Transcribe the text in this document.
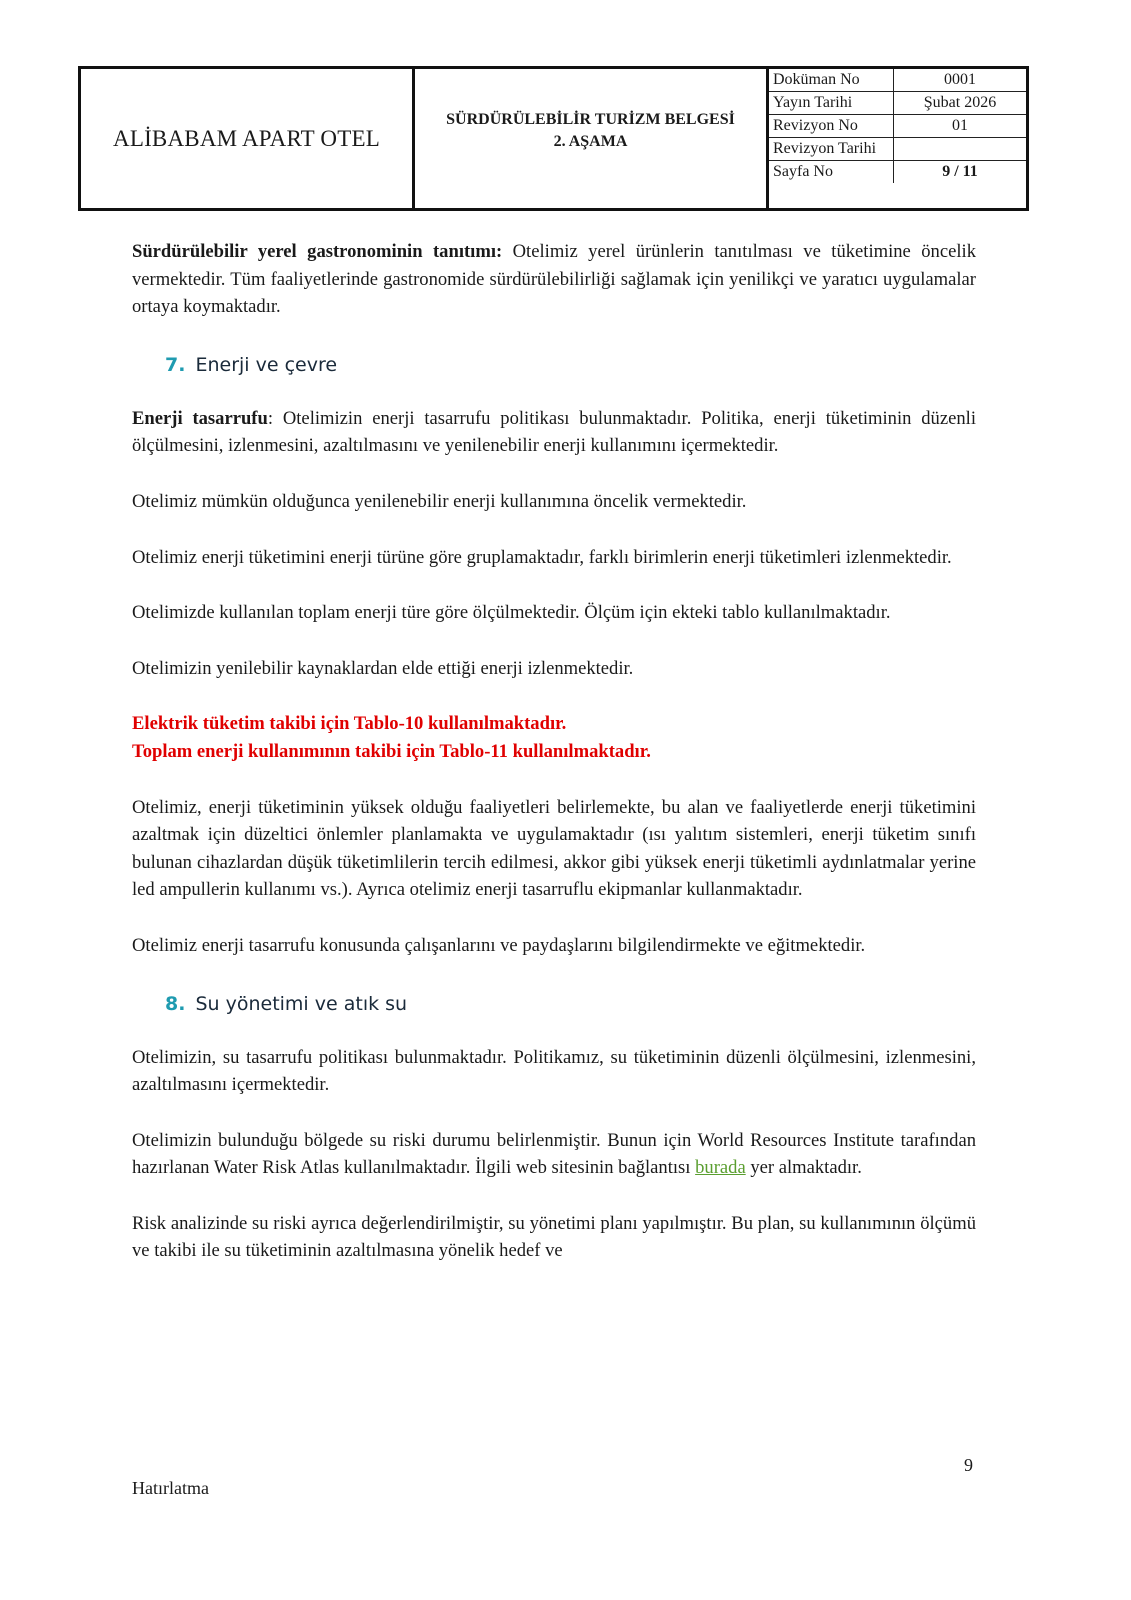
ALİBABAM APART OTEL
SÜRDÜRÜLEBİLİR TURİZM BELGESİ
2. AŞAMA
Doküman No	0001
Yayın Tarihi	Şubat 2026
Revizyon No	01
Revizyon Tarihi
Sayfa No	9 / 11

Sürdürülebilir yerel gastronominin tanıtımı: Otelimiz yerel ürünlerin tanıtılması ve tüketimine öncelik vermektedir. Tüm faaliyetlerinde gastronomide sürdürülebilirliği sağlamak için yenilikçi ve yaratıcı uygulamalar ortaya koymaktadır.

7. Enerji ve çevre

Enerji tasarrufu: Otelimizin enerji tasarrufu politikası bulunmaktadır. Politika, enerji tüketiminin düzenli ölçülmesini, izlenmesini, azaltılmasını ve yenilenebilir enerji kullanımını içermektedir.

Otelimiz mümkün olduğunca yenilenebilir enerji kullanımına öncelik vermektedir.

Otelimiz enerji tüketimini enerji türüne göre gruplamaktadır, farklı birimlerin enerji tüketimleri izlenmektedir.

Otelimizde kullanılan toplam enerji türe göre ölçülmektedir. Ölçüm için ekteki tablo kullanılmaktadır.

Otelimizin yenilebilir kaynaklardan elde ettiği enerji izlenmektedir.

Elektrik tüketim takibi için Tablo-10 kullanılmaktadır.

Toplam enerji kullanımının takibi için Tablo-11 kullanılmaktadır.

Otelimiz, enerji tüketiminin yüksek olduğu faaliyetleri belirlemekte, bu alan ve faaliyetlerde enerji tüketimini azaltmak için düzeltici önlemler planlamakta ve uygulamaktadır (ısı yalıtım sistemleri, enerji tüketim sınıfı bulunan cihazlardan düşük tüketimlilerin tercih edilmesi, akkor gibi yüksek enerji tüketimli aydınlatmalar yerine led ampullerin kullanımı vs.). Ayrıca otelimiz enerji tasarruflu ekipmanlar kullanmaktadır.

Otelimiz enerji tasarrufu konusunda çalışanlarını ve paydaşlarını bilgilendirmekte ve eğitmektedir.

8. Su yönetimi ve atık su

Otelimizin, su tasarrufu politikası bulunmaktadır. Politikamız, su tüketiminin düzenli ölçülmesini, izlenmesini, azaltılmasını içermektedir.

Otelimizin bulunduğu bölgede su riski durumu belirlenmiştir. Bunun için World Resources Institute tarafından hazırlanan Water Risk Atlas kullanılmaktadır. İlgili web sitesinin bağlantısı burada yer almaktadır.

Risk analizinde su riski ayrıca değerlendirilmiştir, su yönetimi planı yapılmıştır. Bu plan, su kullanımının ölçümü ve takibi ile su tüketiminin azaltılmasına yönelik hedef ve

9
Hatırlatma
